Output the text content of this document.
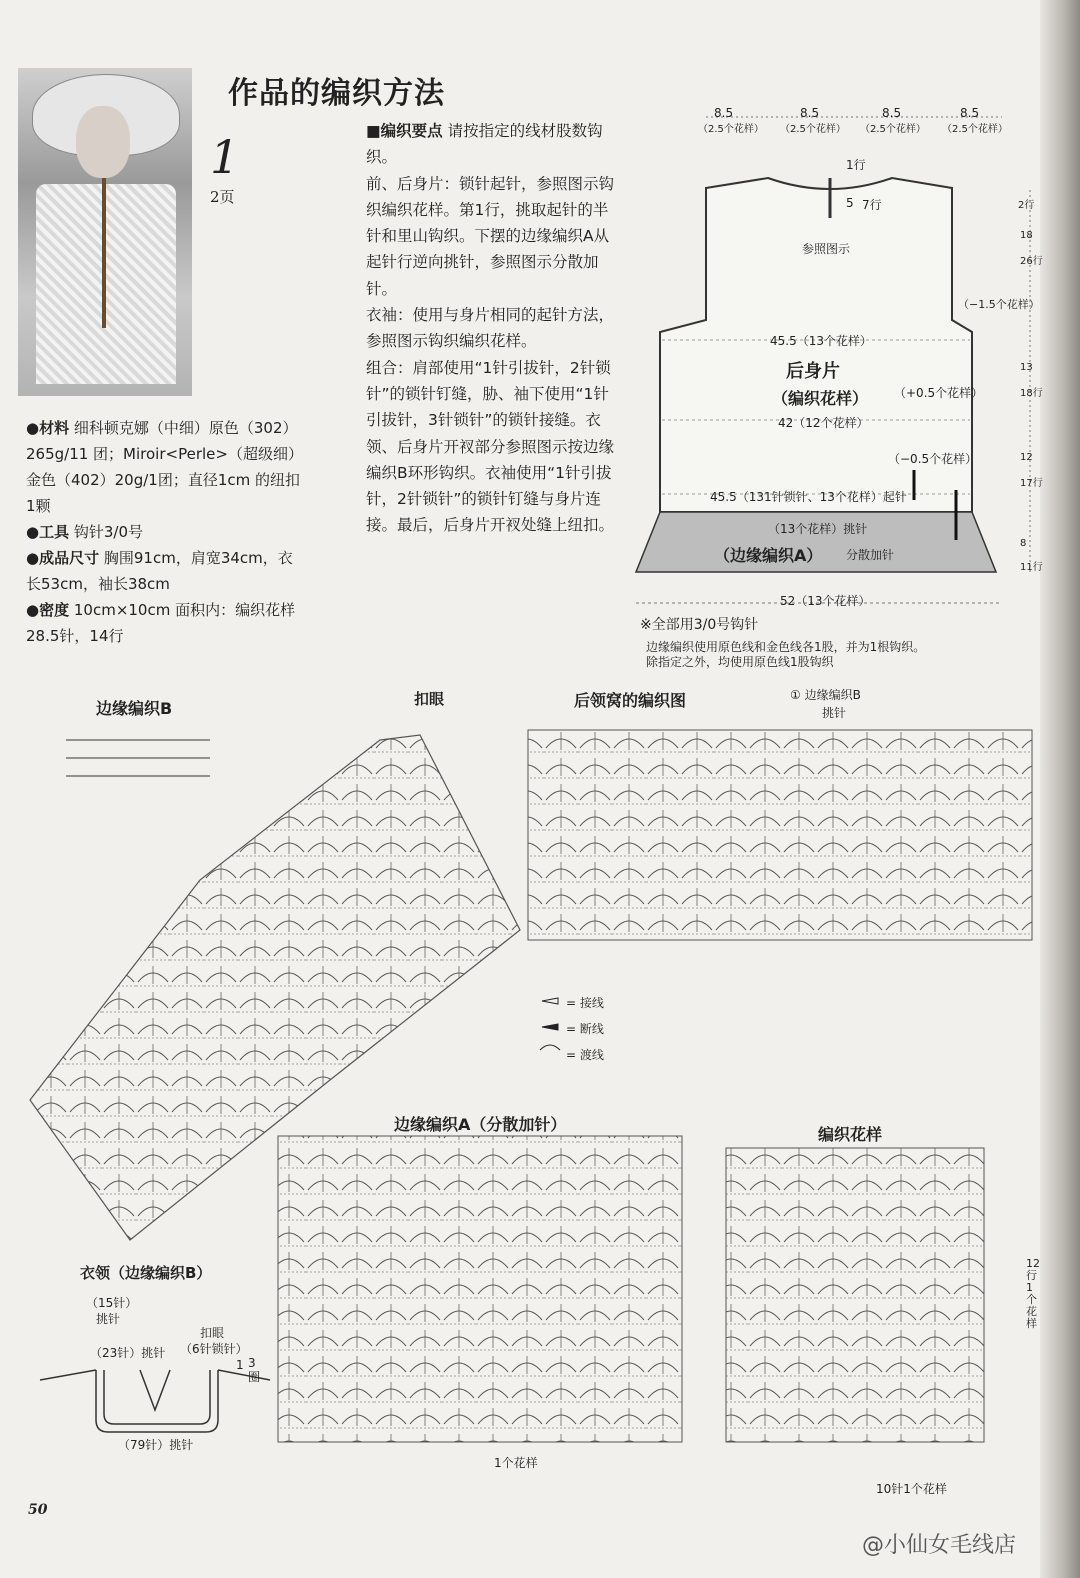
作品的编织方法
1
2页
●材料 细科顿克娜（中细）原色（302）265g/11 团；Miroir<Perle>（超级细）金色（402）20g/1团；直径1cm 的纽扣1颗
●工具 钩针3/0号
●成品尺寸 胸围91cm，肩宽34cm，衣长53cm，袖长38cm
●密度 10cm×10cm 面积内：编织花样28.5针，14行
■编织要点 请按指定的线材股数钩织。
前、后身片：锁针起针，参照图示钩织编织花样。第1行，挑取起针的半针和里山钩织。下摆的边缘编织A从起针行逆向挑针，参照图示分散加针。
衣袖：使用与身片相同的起针方法，参照图示钩织编织花样。
组合：肩部使用“1针引拔针，2针锁针”的锁针钉缝，胁、袖下使用“1针引拔针，3针锁针”的锁针接缝。衣领、后身片开衩部分参照图示按边缘编织B环形钩织。衣袖使用“1针引拔针，2针锁针”的锁针钉缝与身片连接。最后，后身片开衩处缝上纽扣。
8.5	8.5	8.5	8.5
（2.5个花样） （2.5个花样） （2.5个花样） （2.5个花样）
1行
5 7行
参照图示
45.5（13个花样）
后身片
（编织花样） （+0.5个花样）
42（12个花样）
（−0.5个花样）
45.5（131针锁针、13个花样）起针
（13个花样）挑针
（边缘编织A） 分散加针
52（13个花样）
2行
18
26行
（−1.5个花样）
13
18行
12
17行
8
11行
※全部用3/0号钩针
边缘编织使用原色线和金色线各1股，并为1根钩织。
除指定之外，均使用原色线1股钩织
边缘编织B	扣眼	后领窝的编织图	① 边缘编织B
挑针
= 接线
= 断线
= 渡线
边缘编织A（分散加针）
编织花样
衣领（边缘编织B）
（15针）
挑针
扣眼
（6针锁针）
（23针）挑针
（79针）挑针
1 3
圈
1个花样
10针1个花样
12行1个花样
50
@小仙女毛线店
